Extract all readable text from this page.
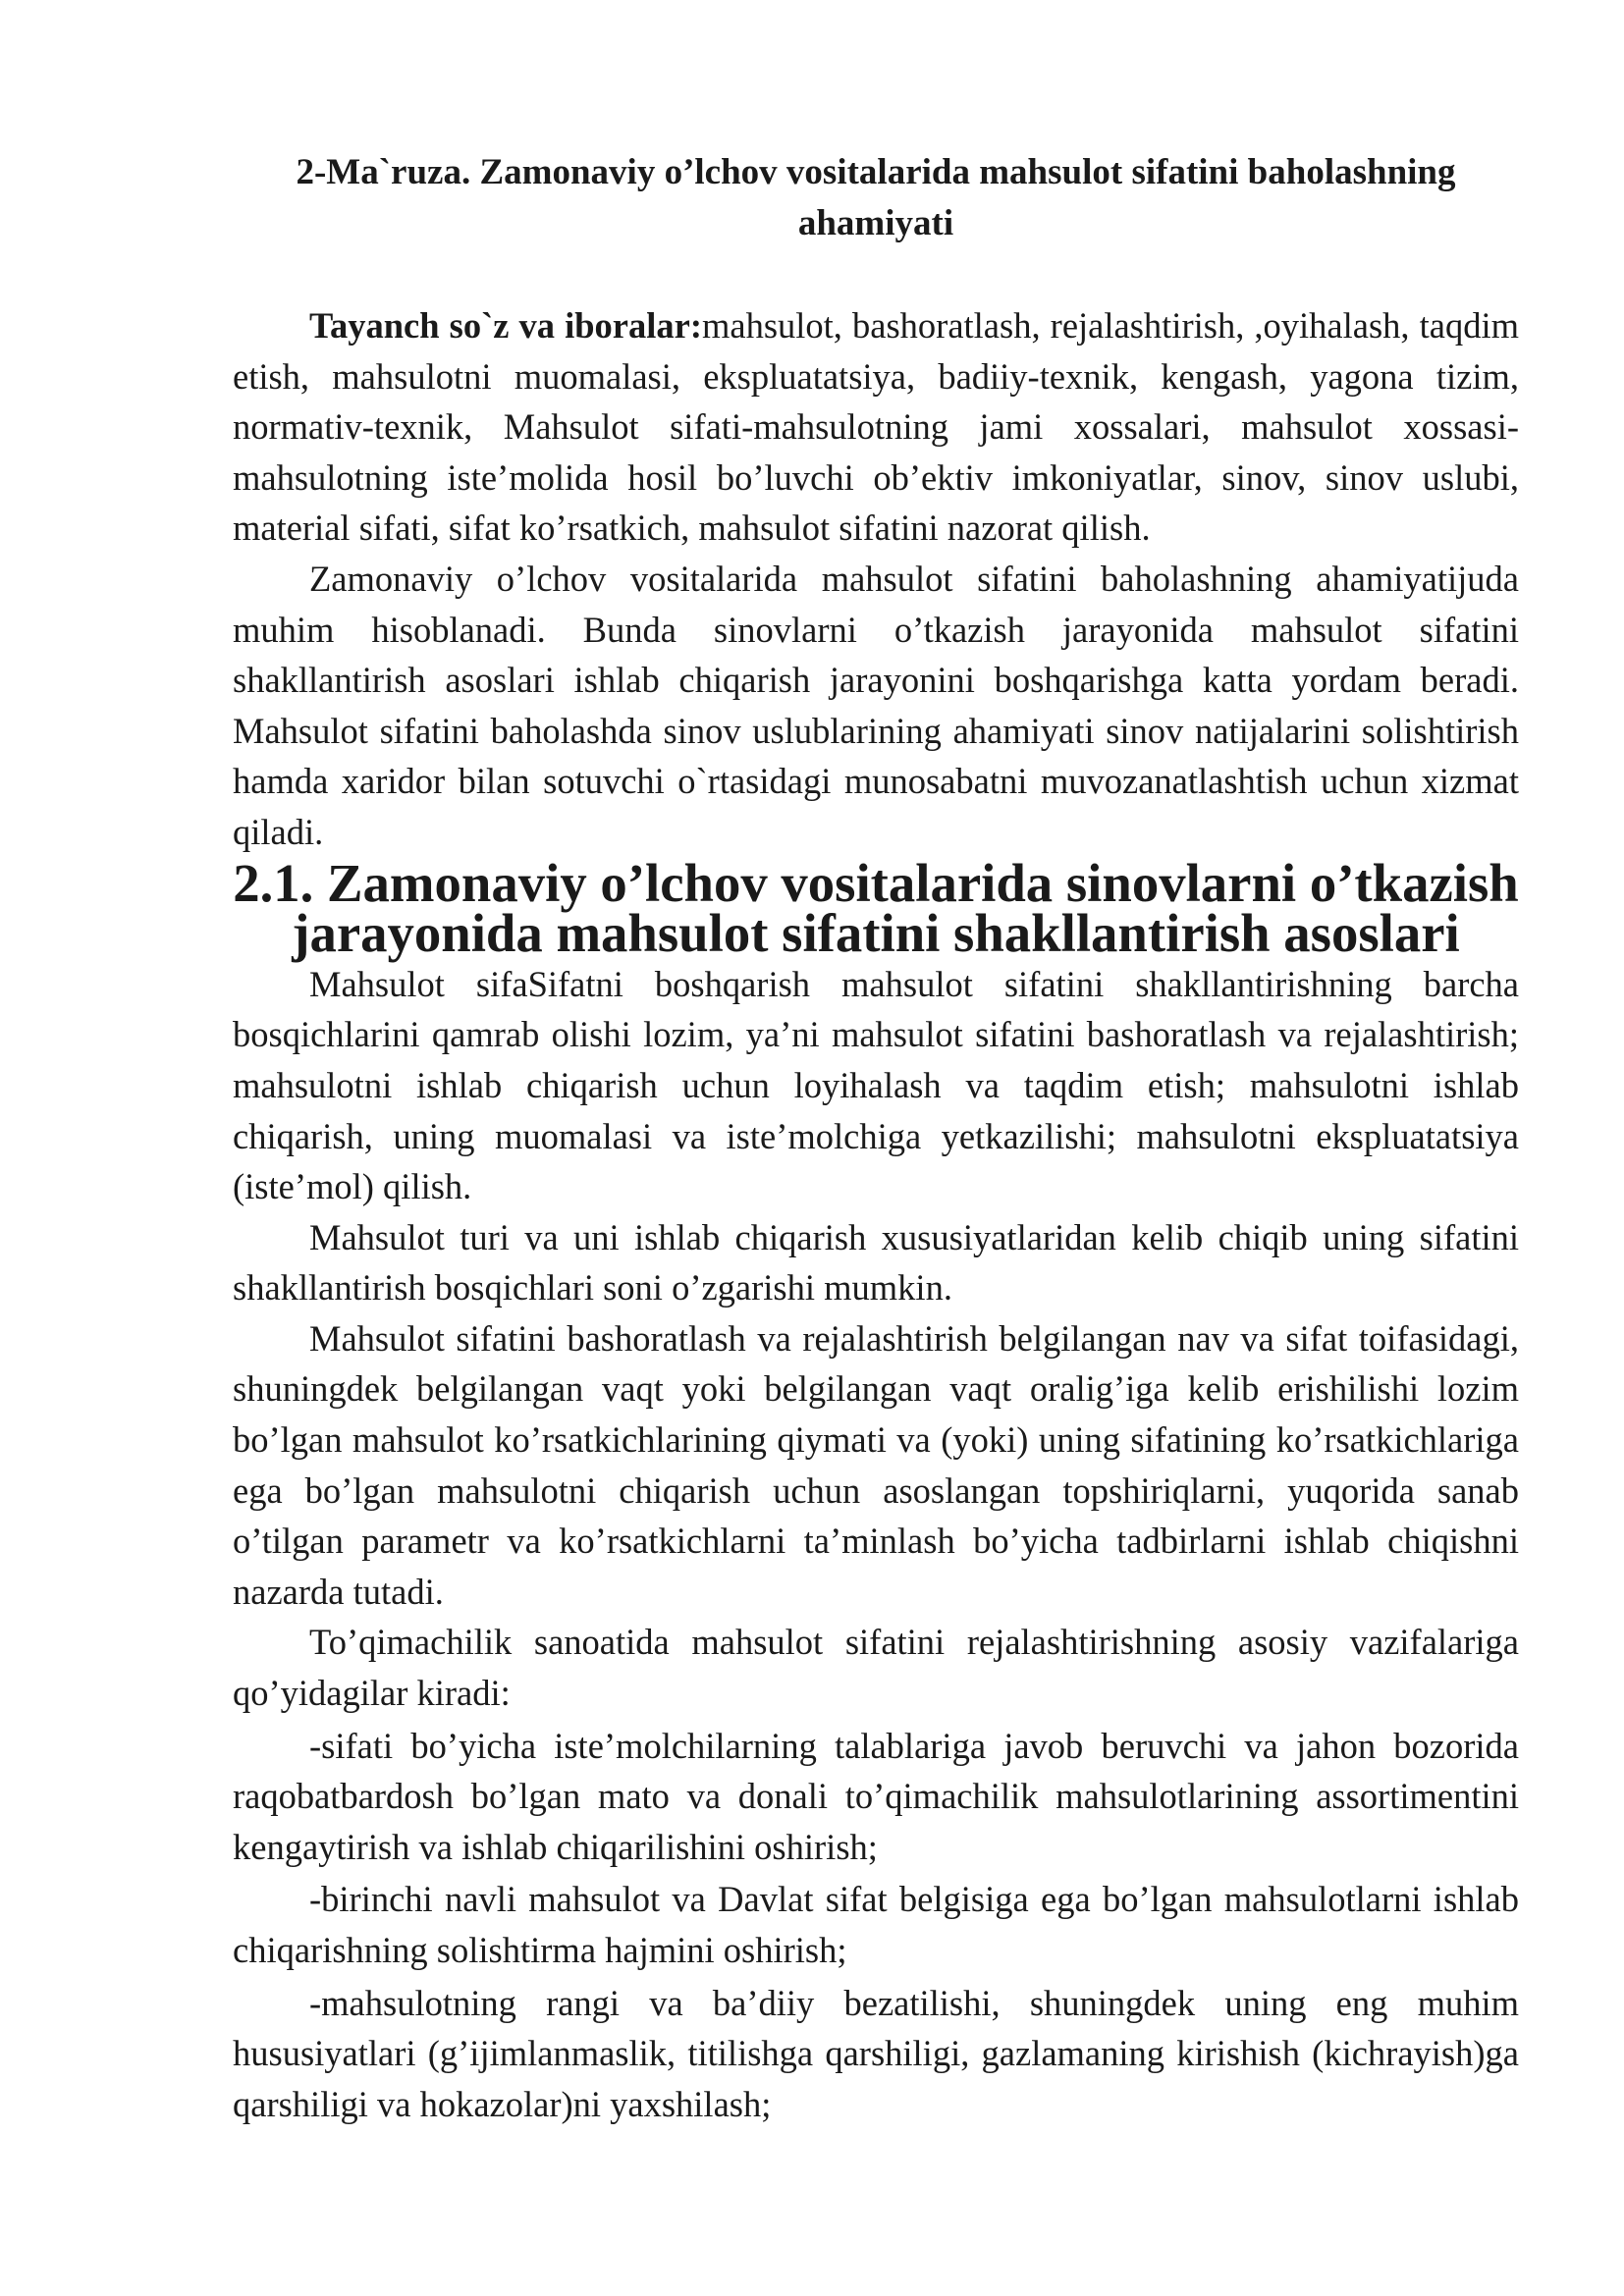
2-Ma`ruza. Zamonaviy o’lchov vositalarida mahsulot sifatini baholashning ahamiyati

Tayanch so`z va iboralar:mahsulot, bashoratlash, rejalashtirish, ,oyihalash, taqdim etish, mahsulotni muomalasi, ekspluatatsiya, badiiy-texnik, kengash, yagona tizim, normativ-texnik, Mahsulot sifati-mahsulotning jami xossalari, mahsulot xossasi-mahsulotning iste’molida hosil bo’luvchi ob’ektiv imkoniyatlar, sinov, sinov uslubi, material sifati, sifat ko’rsatkich, mahsulot sifatini nazorat qilish.

Zamonaviy o’lchov vositalarida mahsulot sifatini baholashning ahamiyatijuda muhim hisoblanadi. Bunda sinovlarni o’tkazish jarayonida mahsulot sifatini shakllantirish asoslari ishlab chiqarish jarayonini boshqarishga katta yordam beradi. Mahsulot sifatini baholashda sinov uslublarining ahamiyati sinov natijalarini solishtirish hamda xaridor bilan sotuvchi o`rtasidagi munosabatni muvozanatlashtish uchun xizmat qiladi.

2.1. Zamonaviy o’lchov vositalarida sinovlarni o’tkazish jarayonida mahsulot sifatini shakllantirish asoslari

Mahsulot sifaSifatni boshqarish mahsulot sifatini shakllantirishning barcha bosqichlarini qamrab olishi lozim, ya’ni mahsulot sifatini bashoratlash va rejalashtirish; mahsulotni ishlab chiqarish uchun loyihalash va taqdim etish; mahsulotni ishlab chiqarish, uning muomalasi va iste’molchiga yetkazilishi; mahsulotni ekspluatatsiya (iste’mol) qilish.

Mahsulot turi va uni ishlab chiqarish xususiyatlaridan kelib chiqib uning sifatini shakllantirish bosqichlari soni o’zgarishi mumkin.

Mahsulot sifatini bashoratlash va rejalashtirish belgilangan nav va sifat toifasidagi, shuningdek belgilangan vaqt yoki belgilangan vaqt oralig’iga kelib erishilishi lozim bo’lgan mahsulot ko’rsatkichlarining qiymati va (yoki) uning sifatining ko’rsatkichlariga ega bo’lgan mahsulotni chiqarish uchun asoslangan topshiriqlarni, yuqorida sanab o’tilgan parametr va ko’rsatkichlarni ta’minlash bo’yicha tadbirlarni ishlab chiqishni nazarda tutadi.

To’qimachilik sanoatida mahsulot sifatini rejalashtirishning asosiy vazifalariga qo’yidagilar kiradi:

-sifati bo’yicha iste’molchilarning talablariga javob beruvchi va jahon bozorida raqobatbardosh bo’lgan mato va donali to’qimachilik mahsulotlarining assortimentini kengaytirish va ishlab chiqarilishini oshirish;

-birinchi navli mahsulot va Davlat sifat belgisiga ega bo’lgan mahsulotlarni ishlab chiqarishning solishtirma hajmini oshirish;

-mahsulotning rangi va ba’diiy bezatilishi, shuningdek uning eng muhim hususiyatlari (g’ijimlanmaslik, titilishga qarshiligi, gazlamaning kirishish (kichrayish)ga qarshiligi va hokazolar)ni yaxshilash;
